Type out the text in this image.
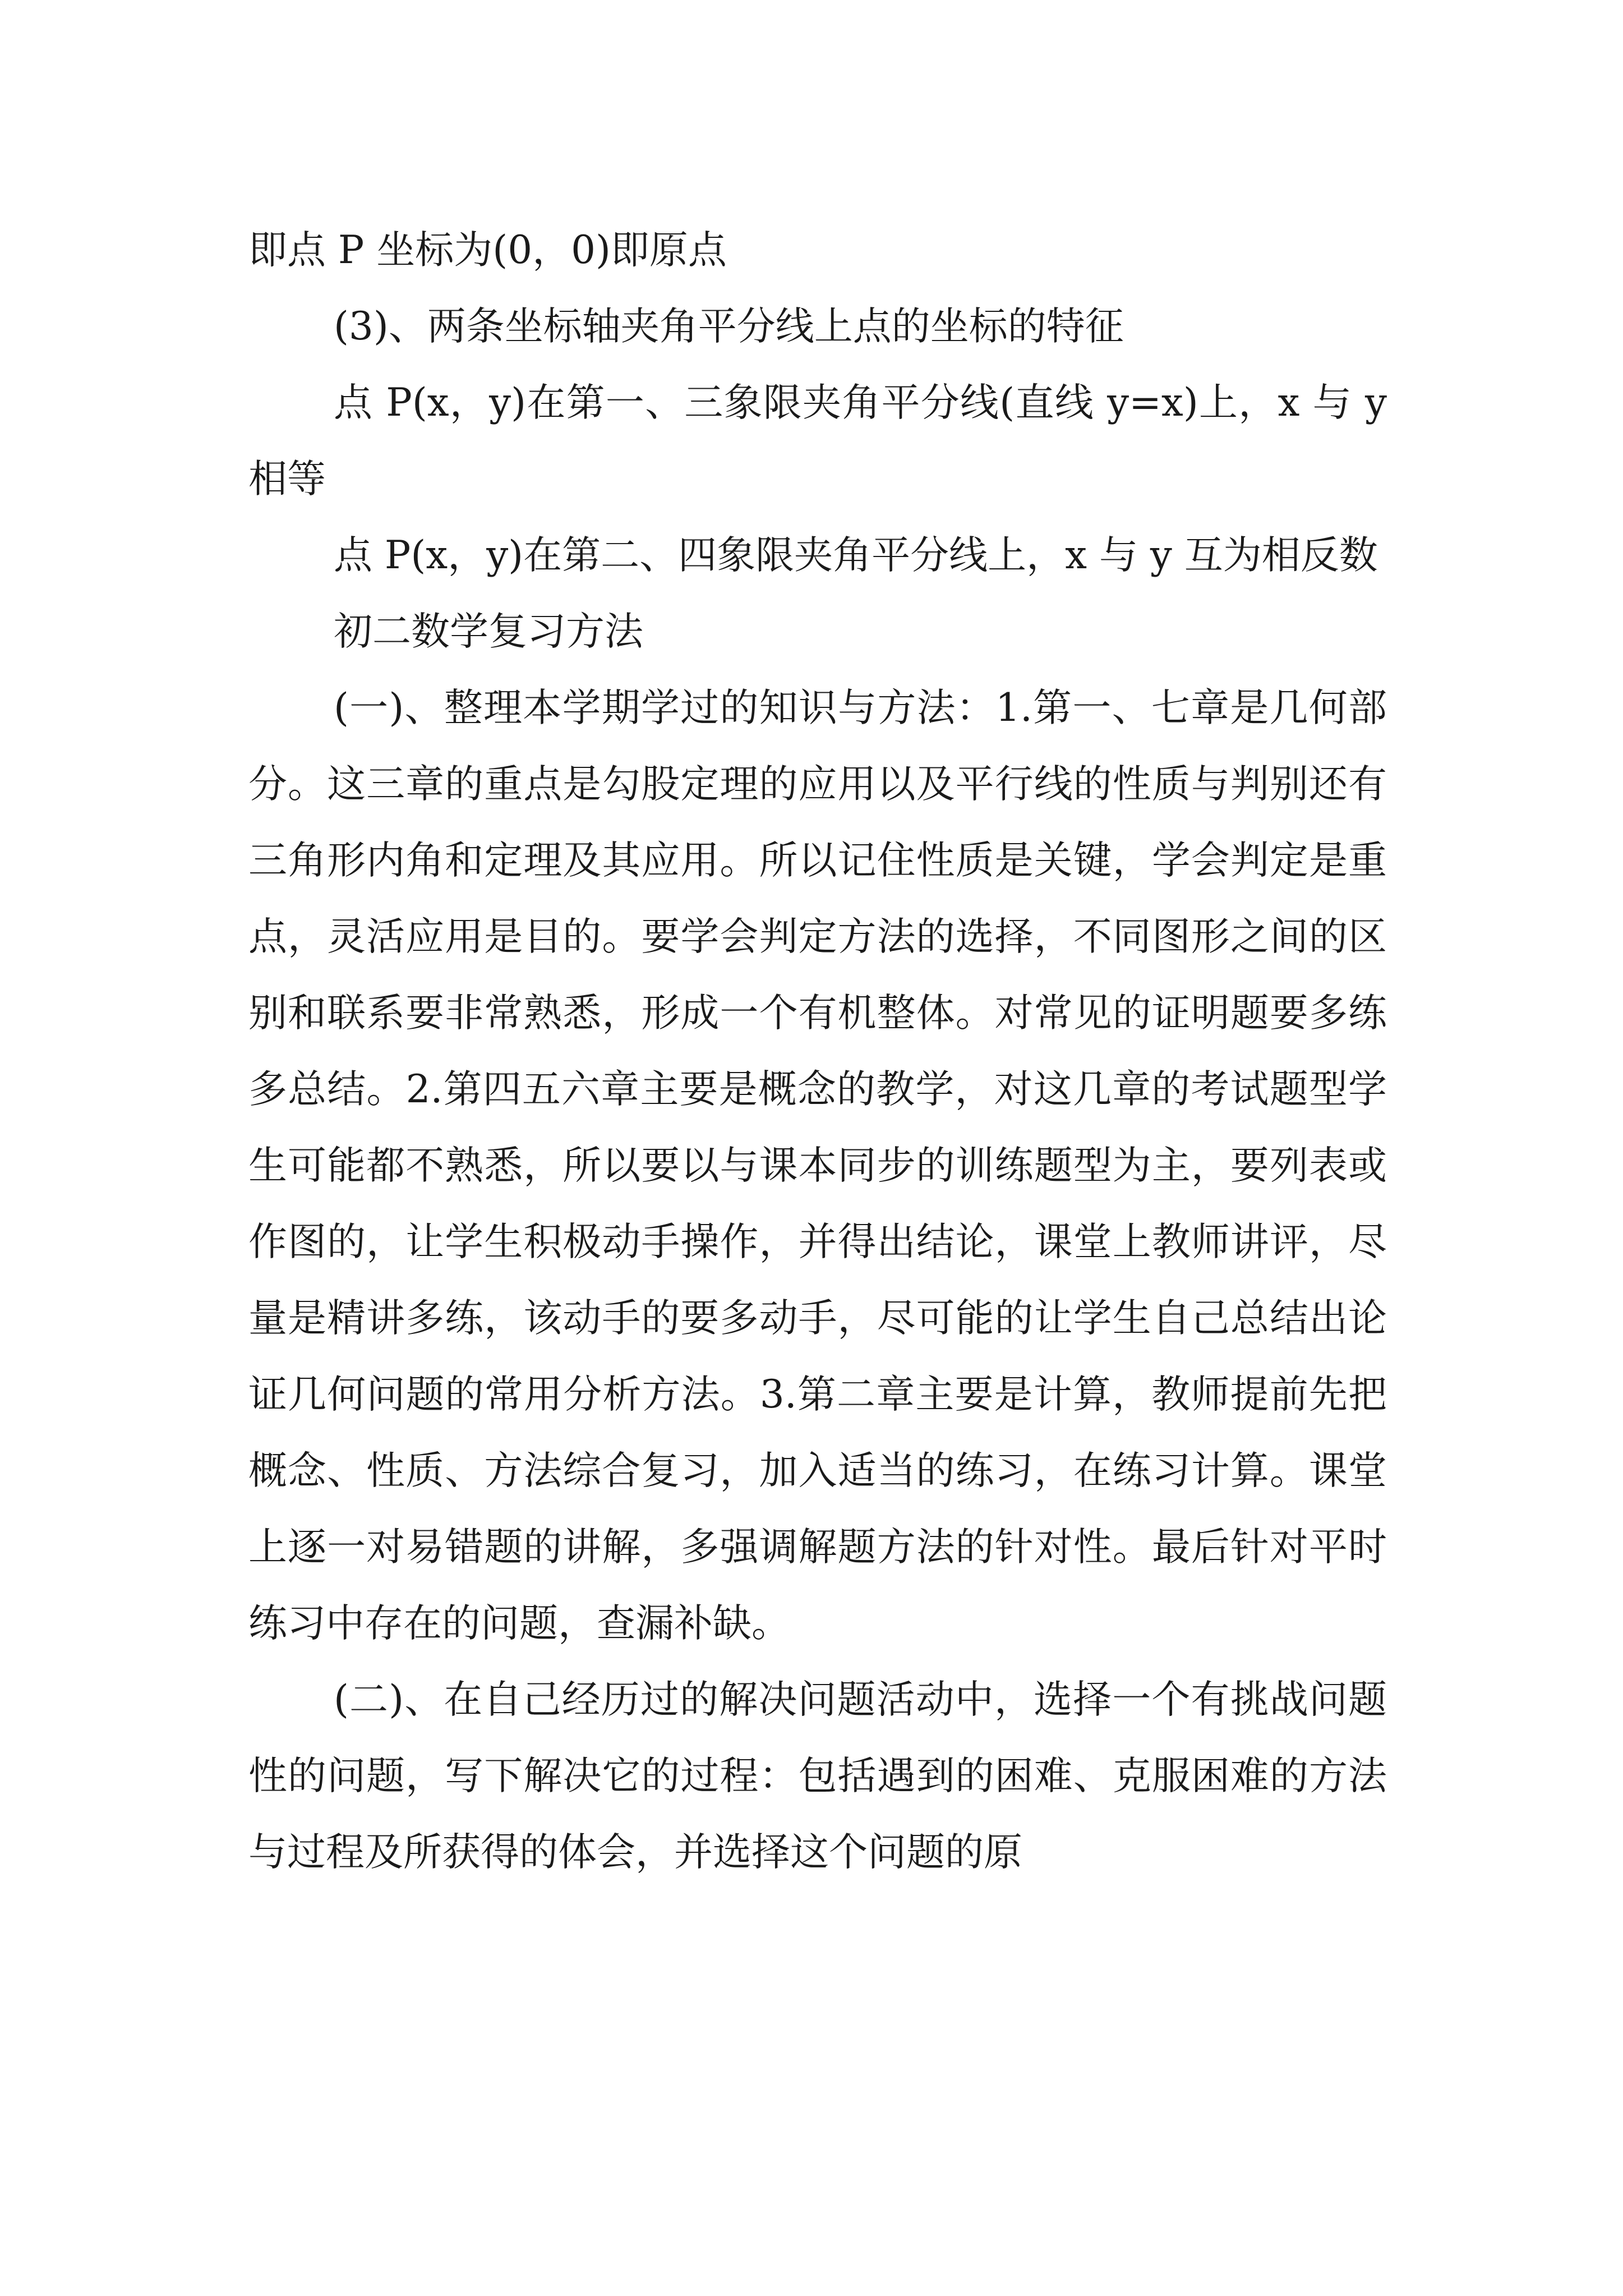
即点 P 坐标为(0，0)即原点

(3)、两条坐标轴夹角平分线上点的坐标的特征

点 P(x，y)在第一、三象限夹角平分线(直线 y=x)上，x 与 y 相等

点 P(x，y)在第二、四象限夹角平分线上，x 与 y 互为相反数

初二数学复习方法

(一)、整理本学期学过的知识与方法：1.第一、七章是几何部分。这三章的重点是勾股定理的应用以及平行线的性质与判别还有三角形内角和定理及其应用。所以记住性质是关键，学会判定是重点，灵活应用是目的。要学会判定方法的选择，不同图形之间的区别和联系要非常熟悉，形成一个有机整体。对常见的证明题要多练多总结。2.第四五六章主要是概念的教学，对这几章的考试题型学生可能都不熟悉，所以要以与课本同步的训练题型为主，要列表或作图的，让学生积极动手操作，并得出结论，课堂上教师讲评，尽量是精讲多练，该动手的要多动手，尽可能的让学生自己总结出论证几何问题的常用分析方法。3.第二章主要是计算，教师提前先把概念、性质、方法综合复习，加入适当的练习，在练习计算。课堂上逐一对易错题的讲解，多强调解题方法的针对性。最后针对平时练习中存在的问题，查漏补缺。

(二)、在自己经历过的解决问题活动中，选择一个有挑战问题性的问题，写下解决它的过程：包括遇到的困难、克服困难的方法与过程及所获得的体会，并选择这个问题的原
